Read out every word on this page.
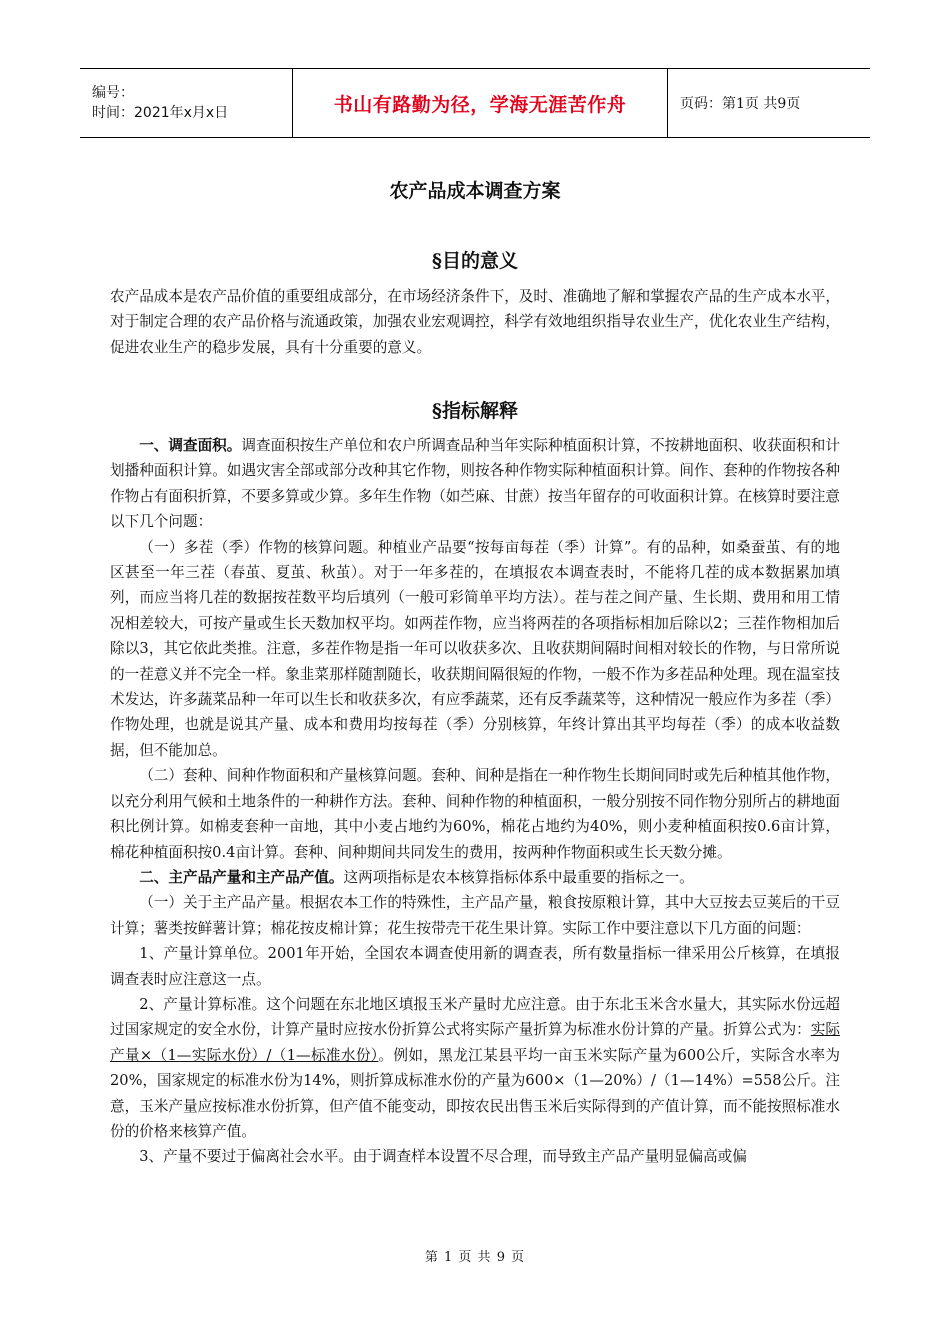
编号：
时间：2021年x月x日	书山有路勤为径，学海无涯苦作舟	页码：第1页 共9页
农产品成本调查方案
§目的意义

农产品成本是农产品价值的重要组成部分，在市场经济条件下，及时、准确地了解和掌握农产品的生产成本水平，对于制定合理的农产品价格与流通政策，加强农业宏观调控，科学有效地组织指导农业生产，优化农业生产结构，促进农业生产的稳步发展，具有十分重要的意义。

§指标解释

一、调查面积。调查面积按生产单位和农户所调查品种当年实际种植面积计算，不按耕地面积、收获面积和计划播种面积计算。如遇灾害全部或部分改种其它作物，则按各种作物实际种植面积计算。间作、套种的作物按各种作物占有面积折算，不要多算或少算。多年生作物（如苎麻、甘蔗）按当年留存的可收面积计算。在核算时要注意以下几个问题：

（一）多茬（季）作物的核算问题。种植业产品要“按每亩每茬（季）计算”。有的品种，如桑蚕茧、有的地区甚至一年三茬（春茧、夏茧、秋茧）。对于一年多茬的，在填报农本调查表时，不能将几茬的成本数据累加填列，而应当将几茬的数据按茬数平均后填列（一般可彩简单平均方法）。茬与茬之间产量、生长期、费用和用工情况相差较大，可按产量或生长天数加权平均。如两茬作物，应当将两茬的各项指标相加后除以2；三茬作物相加后除以3，其它依此类推。注意，多茬作物是指一年可以收获多次、且收获期间隔时间相对较长的作物，与日常所说的一茬意义并不完全一样。象韭菜那样随割随长，收获期间隔很短的作物，一般不作为多茬品种处理。现在温室技术发达，许多蔬菜品种一年可以生长和收获多次，有应季蔬菜，还有反季蔬菜等，这种情况一般应作为多茬（季）作物处理，也就是说其产量、成本和费用均按每茬（季）分别核算，年终计算出其平均每茬（季）的成本收益数据，但不能加总。

（二）套种、间种作物面积和产量核算问题。套种、间种是指在一种作物生长期间同时或先后种植其他作物，以充分利用气候和土地条件的一种耕作方法。套种、间种作物的种植面积，一般分别按不同作物分别所占的耕地面积比例计算。如棉麦套种一亩地，其中小麦占地约为60%，棉花占地约为40%，则小麦种植面积按0.6亩计算，棉花种植面积按0.4亩计算。套种、间种期间共同发生的费用，按两种作物面积或生长天数分摊。

二、主产品产量和主产品产值。这两项指标是农本核算指标体系中最重要的指标之一。

（一）关于主产品产量。根据农本工作的特殊性，主产品产量，粮食按原粮计算，其中大豆按去豆荚后的干豆计算；薯类按鲜薯计算；棉花按皮棉计算；花生按带壳干花生果计算。实际工作中要注意以下几方面的问题：

1、产量计算单位。2001年开始，全国农本调查使用新的调查表，所有数量指标一律采用公斤核算，在填报调查表时应注意这一点。

2、产量计算标准。这个问题在东北地区填报玉米产量时尤应注意。由于东北玉米含水量大，其实际水份远超过国家规定的安全水份，计算产量时应按水份折算公式将实际产量折算为标准水份计算的产量。折算公式为：实际产量×（1—实际水份）/（1—标准水份）。例如，黑龙江某县平均一亩玉米实际产量为600公斤，实际含水率为20%，国家规定的标准水份为14%，则折算成标准水份的产量为600×（1—20%）/（1—14%）=558公斤。注意，玉米产量应按标准水份折算，但产值不能变动，即按农民出售玉米后实际得到的产值计算，而不能按照标准水份的价格来核算产值。

3、产量不要过于偏离社会水平。由于调查样本设置不尽合理，而导致主产品产量明显偏高或偏

第 1 页 共 9 页
